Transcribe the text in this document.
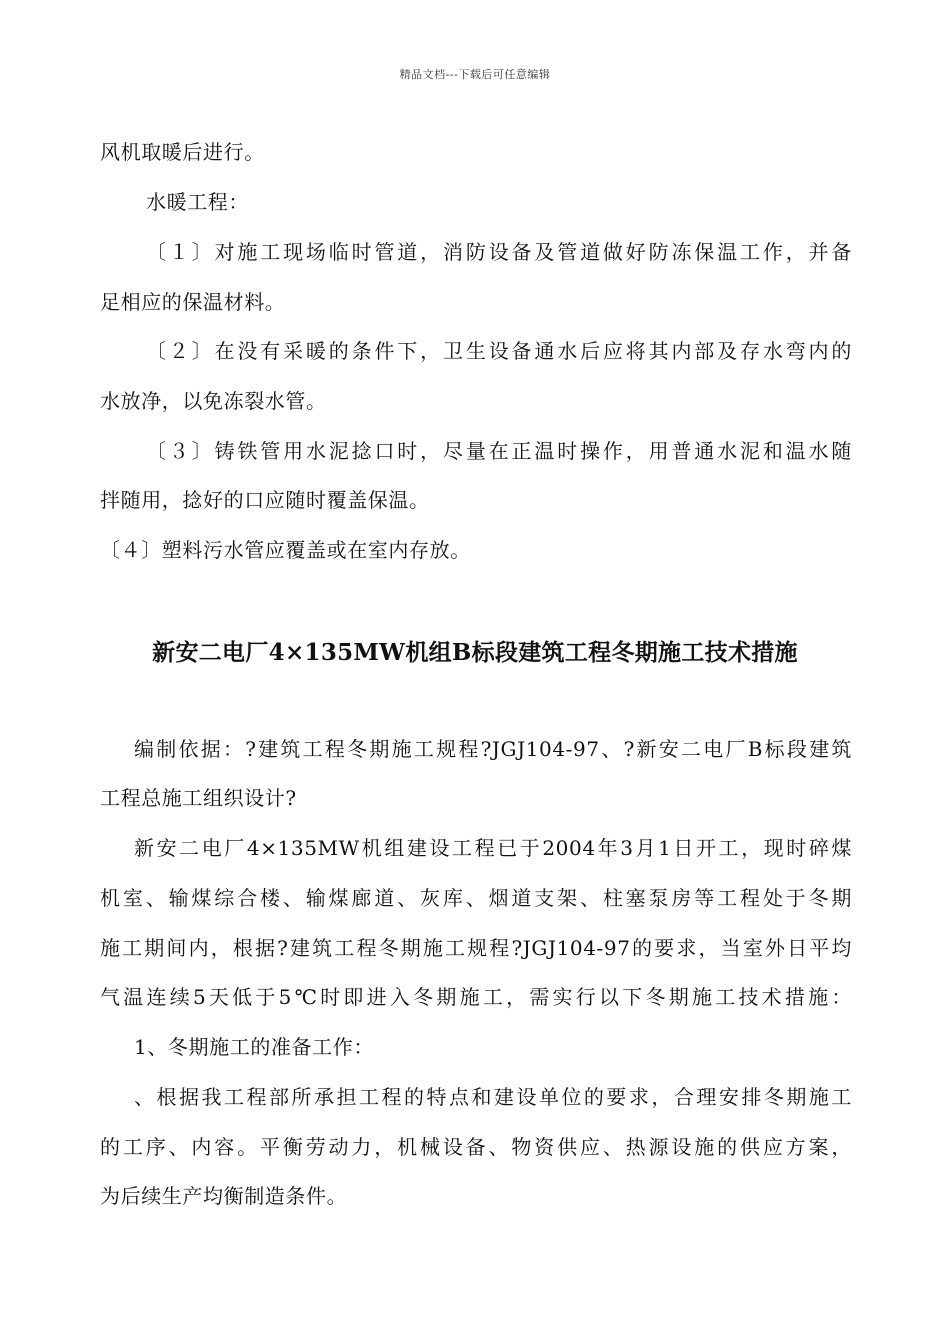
精品文档---下载后可任意编辑
风机取暖后进行。
水暖工程：
〔１〕对施工现场临时管道，消防设备及管道做好防冻保温工作，并备
足相应的保温材料。
〔２〕在没有采暖的条件下，卫生设备通水后应将其内部及存水弯内的
水放净，以免冻裂水管。
〔３〕铸铁管用水泥捻口时，尽量在正温时操作，用普通水泥和温水随
拌随用，捻好的口应随时覆盖保温。
〔４〕塑料污水管应覆盖或在室内存放。
新安二电厂4×135MW机组B标段建筑工程冬期施工技术措施
编制依据：?建筑工程冬期施工规程?JGJ104-97、?新安二电厂B标段建筑
工程总施工组织设计?
新安二电厂4×135MW机组建设工程已于2004年3月1日开工，现时碎煤
机室、输煤综合楼、输煤廊道、灰库、烟道支架、柱塞泵房等工程处于冬期
施工期间内，根据?建筑工程冬期施工规程?JGJ104-97的要求，当室外日平均
气温连续5天低于5℃时即进入冬期施工，需实行以下冬期施工技术措施：
1、冬期施工的准备工作：
、根据我工程部所承担工程的特点和建设单位的要求，合理安排冬期施工
的工序、内容。平衡劳动力，机械设备、物资供应、热源设施的供应方案，
为后续生产均衡制造条件。
